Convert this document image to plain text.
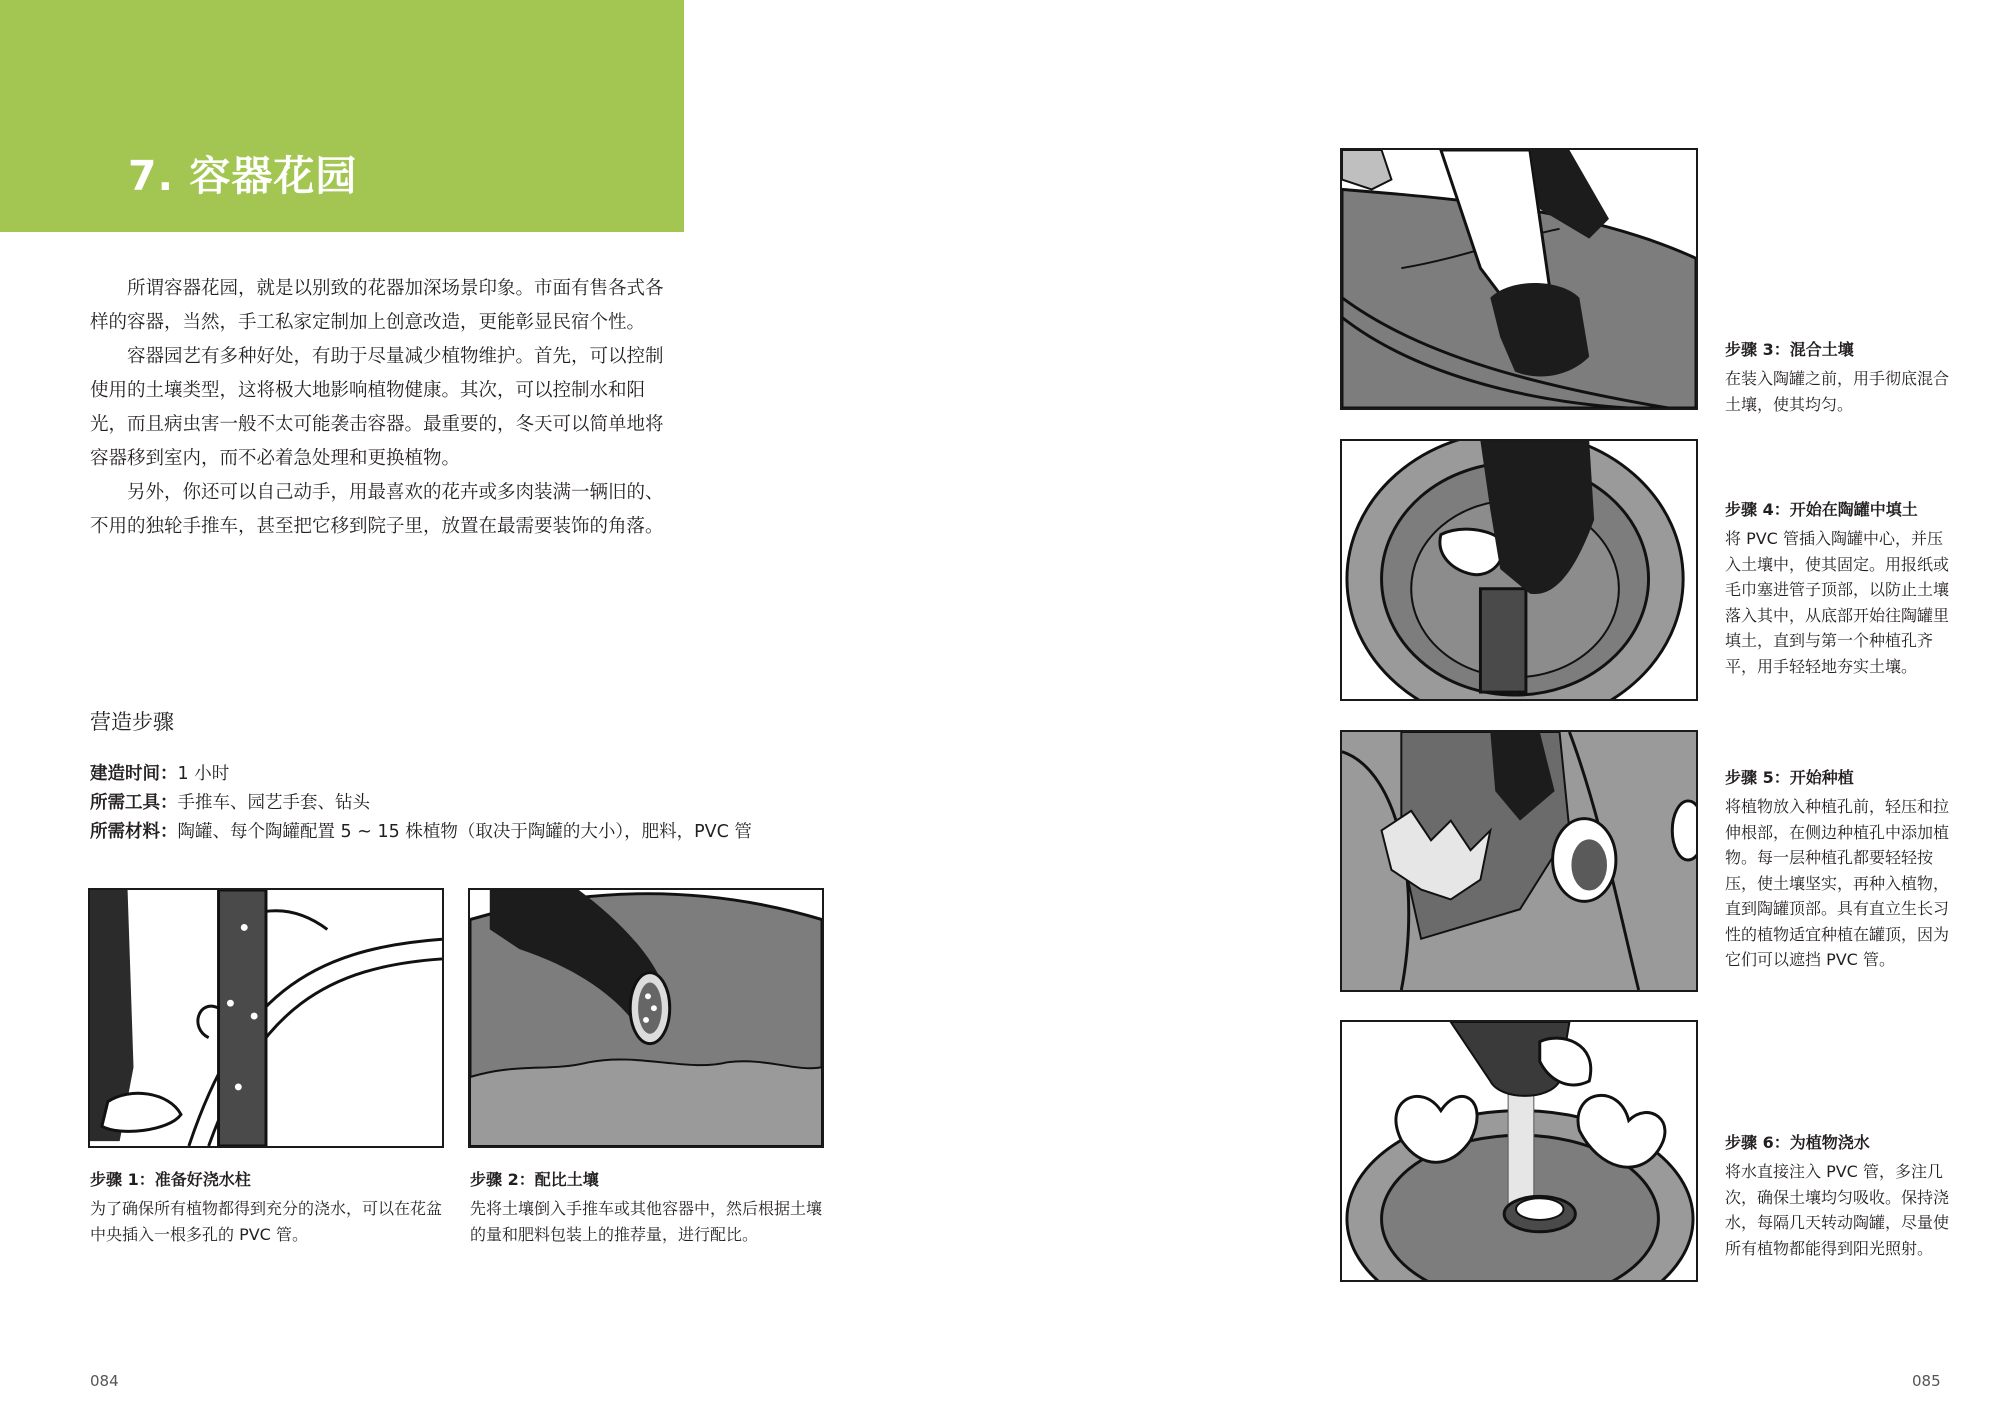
7. 容器花园

所谓容器花园，就是以别致的花器加深场景印象。市面有售各式各样的容器，当然，手工私家定制加上创意改造，更能彰显民宿个性。

容器园艺有多种好处，有助于尽量减少植物维护。首先，可以控制使用的土壤类型，这将极大地影响植物健康。其次，可以控制水和阳光，而且病虫害一般不太可能袭击容器。最重要的，冬天可以简单地将容器移到室内，而不必着急处理和更换植物。

另外，你还可以自己动手，用最喜欢的花卉或多肉装满一辆旧的、不用的独轮手推车，甚至把它移到院子里，放置在最需要装饰的角落。

营造步骤
建造时间：1 小时
所需工具：手推车、园艺手套、钻头
所需材料：陶罐、每个陶罐配置 5 ~ 15 株植物（取决于陶罐的大小），肥料，PVC 管
步骤 1：准备好浇水柱
为了确保所有植物都得到充分的浇水，可以在花盆中央插入一根多孔的 PVC 管。
步骤 2：配比土壤
先将土壤倒入手推车或其他容器中，然后根据土壤的量和肥料包装上的推荐量，进行配比。
步骤 3：混合土壤
在装入陶罐之前，用手彻底混合土壤，使其均匀。
步骤 4：开始在陶罐中填土
将 PVC 管插入陶罐中心，并压入土壤中，使其固定。用报纸或毛巾塞进管子顶部，以防止土壤落入其中，从底部开始往陶罐里填土，直到与第一个种植孔齐平，用手轻轻地夯实土壤。
步骤 5：开始种植
将植物放入种植孔前，轻压和拉伸根部，在侧边种植孔中添加植物。每一层种植孔都要轻轻按压，使土壤坚实，再种入植物，直到陶罐顶部。具有直立生长习性的植物适宜种植在罐顶，因为它们可以遮挡 PVC 管。
步骤 6：为植物浇水
将水直接注入 PVC 管，多注几次，确保土壤均匀吸收。保持浇水，每隔几天转动陶罐，尽量使所有植物都能得到阳光照射。
084	085
